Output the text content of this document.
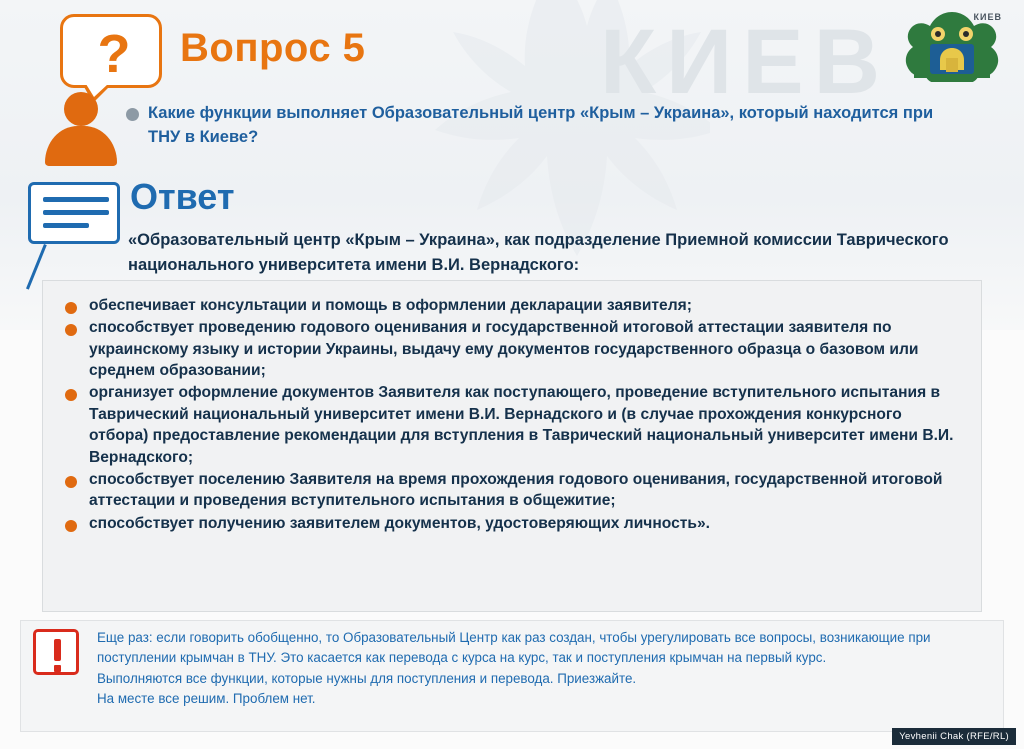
КИЕВ	КИЕВ
?	Вопрос 5
Какие функции выполняет Образовательный центр «Крым – Украина», который находится при ТНУ в Киеве?
Ответ
«Образовательный центр «Крым – Украина», как подразделение Приемной комиссии Таврического национального университета имени В.И. Вернадского:
обеспечивает консультации и помощь в оформлении декларации заявителя;
способствует проведению годового оценивания и государственной итоговой аттестации заявителя по украинскому языку и истории Украины, выдачу ему документов государственного образца о базовом или среднем образовании;
организует оформление документов Заявителя как поступающего, проведение вступительного испытания в Таврический национальный университет имени В.И. Вернадского и (в случае прохождения конкурсного отбора) предоставление рекомендации для вступления в Таврический национальный университет имени В.И. Вернадского;
способствует поселению Заявителя на время прохождения годового оценивания, государственной итоговой аттестации и проведения вступительного испытания в общежитие;
способствует получению заявителем документов, удостоверяющих личность».

Еще раз: если говорить обобщенно, то Образовательный Центр как раз создан, чтобы урегулировать все вопросы, возникающие при поступлении крымчан в ТНУ. Это касается как перевода с курса на курс, так и поступления крымчан на первый курс.

Выполняются все функции, которые нужны для поступления и перевода. Приезжайте.

На месте все решим. Проблем нет.

Yevhenii Chak (RFE/RL)
